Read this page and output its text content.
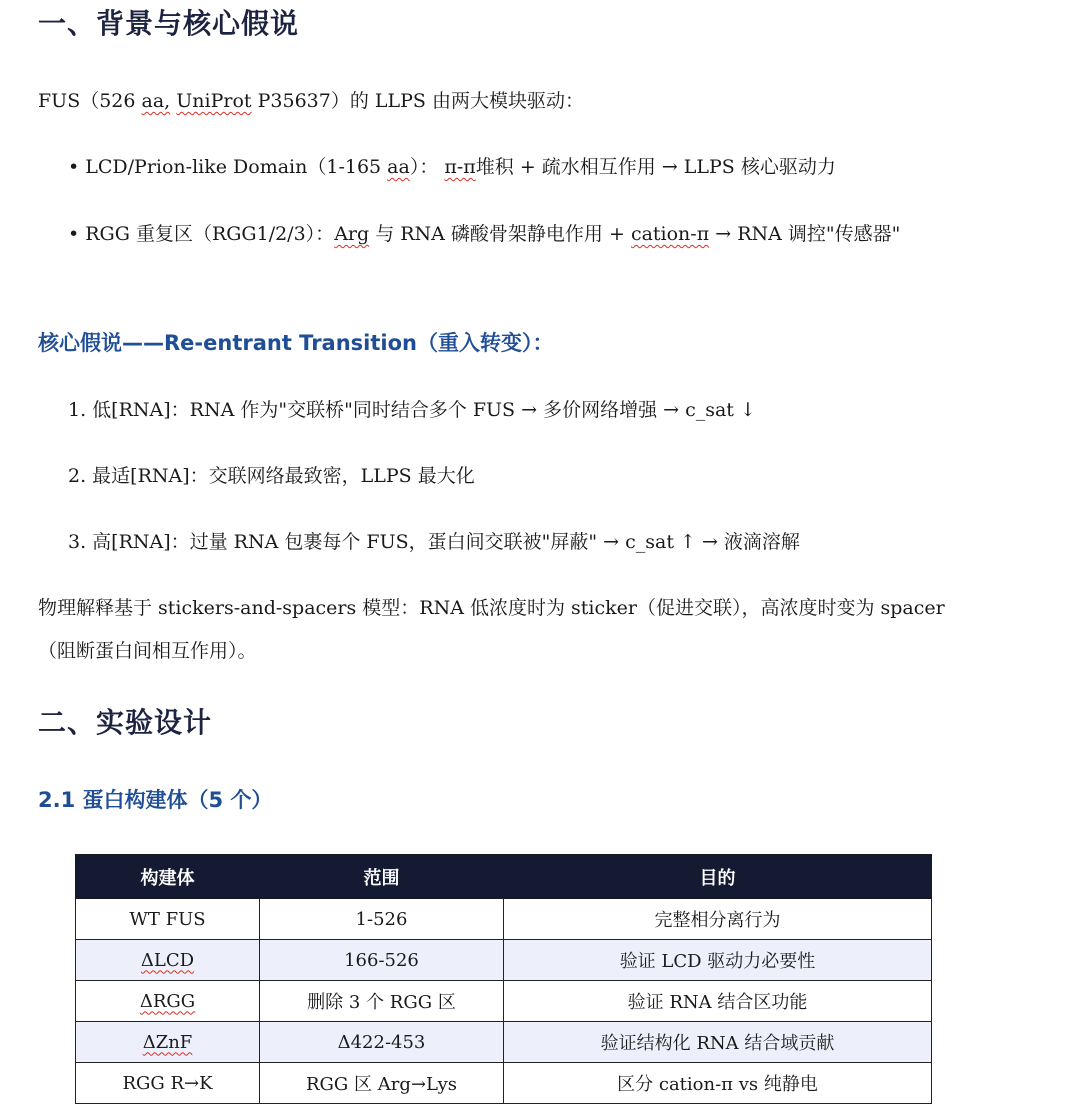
一、背景与核心假说
FUS（526 aa, UniProt P35637）的 LLPS 由两大模块驱动：
• LCD/Prion-like Domain（1-165 aa）： π-π堆积 + 疏水相互作用 → LLPS 核心驱动力
• RGG 重复区（RGG1/2/3）：Arg 与 RNA 磷酸骨架静电作用 + cation-π → RNA 调控"传感器"
核心假说——Re-entrant Transition（重入转变）：
1. 低[RNA]：RNA 作为"交联桥"同时结合多个 FUS → 多价网络增强 → c_sat ↓
2. 最适[RNA]：交联网络最致密，LLPS 最大化
3. 高[RNA]：过量 RNA 包裹每个 FUS，蛋白间交联被"屏蔽" → c_sat ↑ → 液滴溶解
物理解释基于 stickers-and-spacers 模型：RNA 低浓度时为 sticker（促进交联），高浓度时变为 spacer（阻断蛋白间相互作用）。
二、实验设计
2.1 蛋白构建体（5 个）
构建体	范围	目的
WT FUS	1-526	完整相分离行为
ΔLCD	166-526	验证 LCD 驱动力必要性
ΔRGG	删除 3 个 RGG 区	验证 RNA 结合区功能
ΔZnF	Δ422-453	验证结构化 RNA 结合域贡献
RGG R→K	RGG 区 Arg→Lys	区分 cation-π vs 纯静电
